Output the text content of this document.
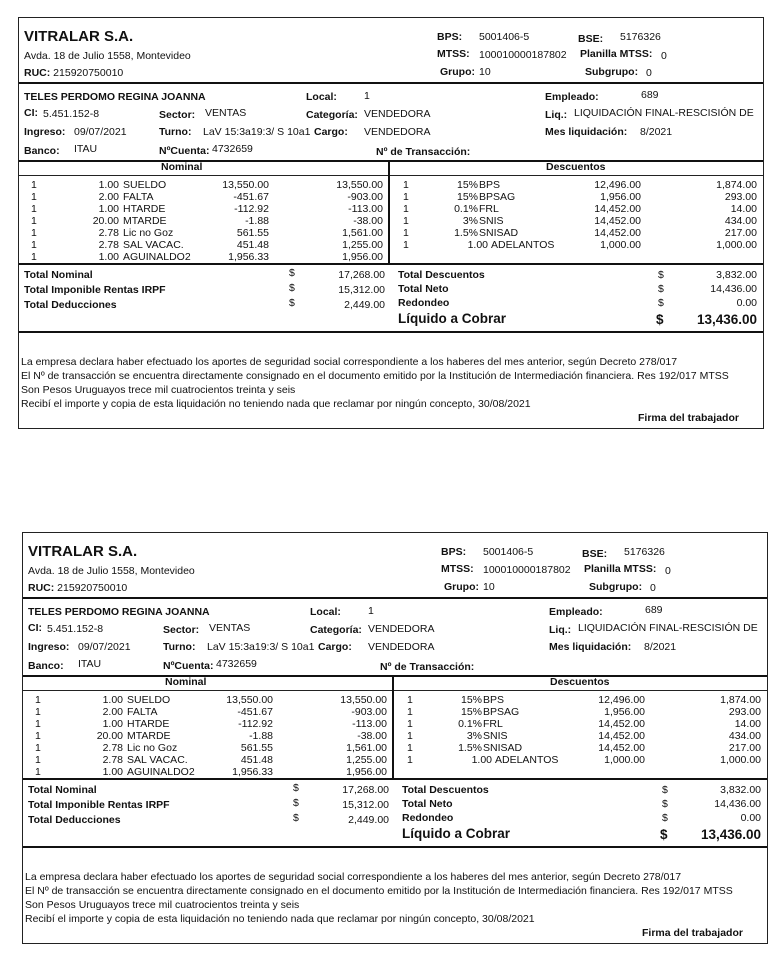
VITRALAR S.A.
Avda. 18 de Julio 1558, Montevideo
RUC: 215920750010
BPS: 5001406-5	BSE: 5176326
MTSS: 100010000187802 Planilla MTSS: 0
Grupo: 10	Subgrupo: 0
TELES PERDOMO REGINA JOANNA	Local:	1	Empleado:	689
CI: 5.451.152-8	Sector: VENTAS	Categoría: VENDEDORA	Liq.: LIQUIDACIÓN FINAL-RESCISIÓN DE
Ingreso: 09/07/2021	Turno: LaV 15:3a19:3/ S 10a1 Cargo: VENDEDORA	Mes liquidación: 8/2021
Banco: ITAU	NºCuenta: 4732659	Nº de Transacción:
Nominal	Descuentos
1	1.00 SUELDO	13,550.00	13,550.00
1	2.00 FALTA	-451.67	-903.00
1	1.00 HTARDE	-112.92	-113.00
1	20.00 MTARDE	-1.88	-38.00
1	2.78 Lic no Goz	561.55	1,561.00
1	2.78 SAL VACAC.	451.48	1,255.00
1	1.00 AGUINALDO2	1,956.33	1,956.00
1	15% BPS	12,496.00	1,874.00
1	15% BPSAG	1,956.00	293.00
1	0.1% FRL	14,452.00	14.00
1	3% SNIS	14,452.00	434.00
1	1.5% SNISAD	14,452.00	217.00
1	1.00 ADELANTOS	1,000.00	1,000.00
Total Nominal	$	17,268.00
Total Imponible Rentas IRPF	$	15,312.00
Total Deducciones	$	2,449.00
Total Descuentos	$	3,832.00
Total Neto	$	14,436.00
Redondeo	$	0.00
Líquido a Cobrar	$	13,436.00
La empresa declara haber efectuado los aportes de seguridad social correspondiente a los haberes del mes anterior, según Decreto 278/017
El Nº de transacción se encuentra directamente consignado en el documento emitido por la Institución de Intermediación financiera. Res 192/017 MTSS
Son Pesos Uruguayos trece mil cuatrocientos treinta y seis
Recibí el importe y copia de esta liquidación no teniendo nada que reclamar por ningún concepto, 30/08/2021
Firma del trabajador
VITRALAR S.A.
Avda. 18 de Julio 1558, Montevideo
RUC: 215920750010
BPS: 5001406-5	BSE: 5176326
MTSS: 100010000187802 Planilla MTSS: 0
Grupo: 10	Subgrupo: 0
TELES PERDOMO REGINA JOANNA	Local:	1	Empleado:	689
CI: 5.451.152-8	Sector: VENTAS	Categoría: VENDEDORA	Liq.: LIQUIDACIÓN FINAL-RESCISIÓN DE
Ingreso: 09/07/2021	Turno: LaV 15:3a19:3/ S 10a1 Cargo: VENDEDORA	Mes liquidación: 8/2021
Banco: ITAU	NºCuenta: 4732659	Nº de Transacción:
Nominal	Descuentos
1	1.00 SUELDO	13,550.00	13,550.00
1	2.00 FALTA	-451.67	-903.00
1	1.00 HTARDE	-112.92	-113.00
1	20.00 MTARDE	-1.88	-38.00
1	2.78 Lic no Goz	561.55	1,561.00
1	2.78 SAL VACAC.	451.48	1,255.00
1	1.00 AGUINALDO2	1,956.33	1,956.00
1	15% BPS	12,496.00	1,874.00
1	15% BPSAG	1,956.00	293.00
1	0.1% FRL	14,452.00	14.00
1	3% SNIS	14,452.00	434.00
1	1.5% SNISAD	14,452.00	217.00
1	1.00 ADELANTOS	1,000.00	1,000.00
Total Nominal	$	17,268.00
Total Imponible Rentas IRPF	$	15,312.00
Total Deducciones	$	2,449.00
Total Descuentos	$	3,832.00
Total Neto	$	14,436.00
Redondeo	$	0.00
Líquido a Cobrar	$	13,436.00
La empresa declara haber efectuado los aportes de seguridad social correspondiente a los haberes del mes anterior, según Decreto 278/017
El Nº de transacción se encuentra directamente consignado en el documento emitido por la Institución de Intermediación financiera. Res 192/017 MTSS
Son Pesos Uruguayos trece mil cuatrocientos treinta y seis
Recibí el importe y copia de esta liquidación no teniendo nada que reclamar por ningún concepto, 30/08/2021
Firma del trabajador
